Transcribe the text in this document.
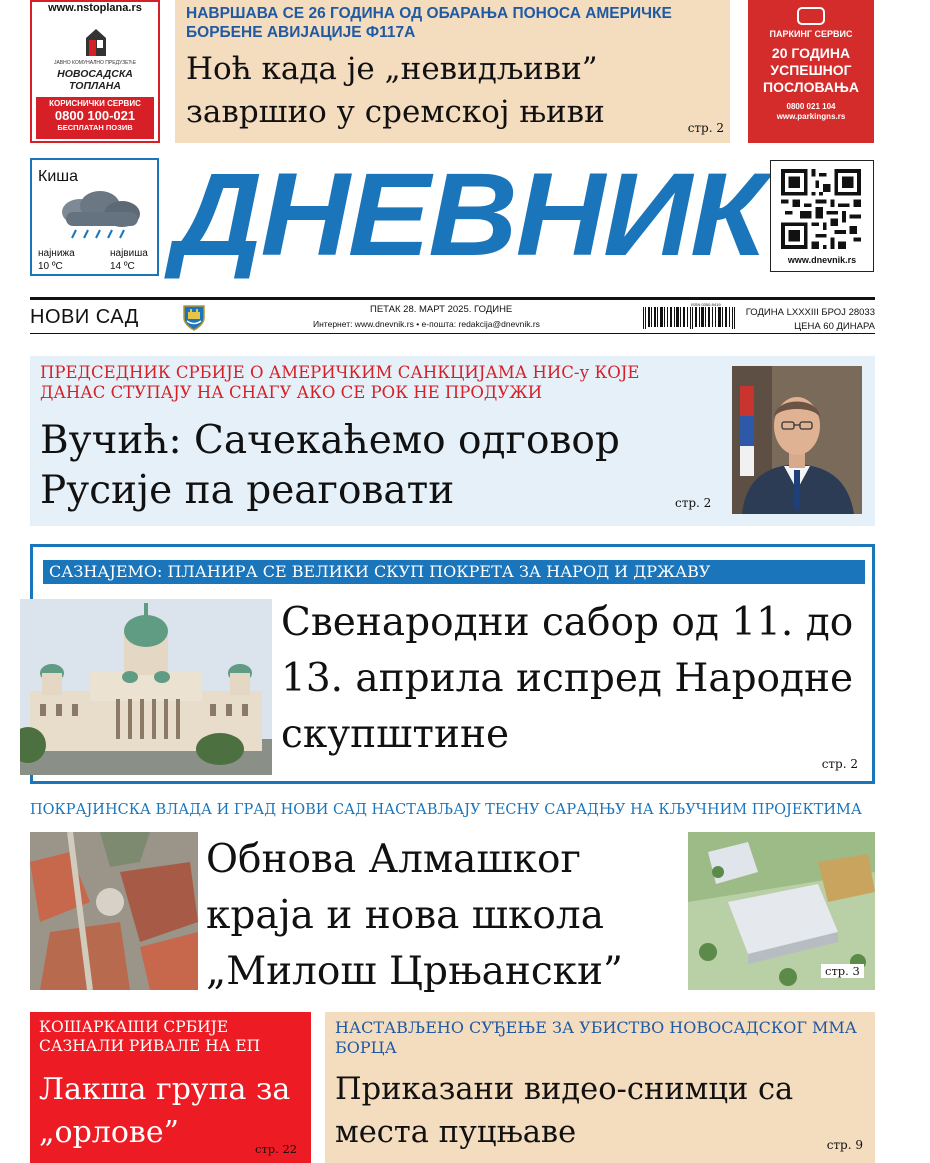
www.nstoplana.rs
ЈАВНО КОМУНАЛНО ПРЕДУЗЕЋЕ
НОВОСАДСКА ТОПЛАНА
КОРИСНИЧКИ СЕРВИС
0800 100-021
БЕСПЛАТАН ПОЗИВ
НАВРШАВА СЕ 26 ГОДИНА ОД ОБАРАЊА ПОНОСА АМЕРИЧКЕ БОРБЕНЕ АВИЈАЦИЈЕ Ф117А
Ноћ када је „невидљиви” завршио у сремској њиви	стр. 2
ПАРКИНГ СЕРВИС
20 ГОДИНА УСПЕШНОГ ПОСЛОВАЊА
0800 021 104
www.parkingns.rs
Киша
најнижа
10 ºC
највиша
14 ºC ДНЕВНИК	www.dnevnik.rs
НОВИ САД	ПЕТАК 28. МАРТ 2025. ГОДИНЕ
Интернет: www.dnevnik.rs • е-пошта: redakcija@dnevnik.rs
ISSN 0350-9419
ГОДИНА LXXXIII БРОЈ 28033
ЦЕНА 60 ДИНАРА
ПРЕДСЕДНИК СРБИЈЕ О АМЕРИЧКИМ САНКЦИЈАМА НИС-у КОЈЕ ДАНАС СТУПАЈУ НА СНАГУ АКО СЕ РОК НЕ ПРОДУЖИ
Вучић: Сачекаћемо одговор Русије па реаговати	стр. 2
САЗНАЈЕМО: ПЛАНИРА СЕ ВЕЛИКИ СКУП ПОКРЕТА ЗА НАРОД И ДРЖАВУ
Свенародни сабор од 11. до 13. априла испред Народне скупштине
стр. 2
ПОКРАЈИНСКА ВЛАДА И ГРАД НОВИ САД НАСТАВЉАЈУ ТЕСНУ САРАДЊУ НА КЉУЧНИМ ПРОЈЕКТИМА
Обнова Алмашког краја и нова школа „Милош Црњански”	стр. 3
КОШАРКАШИ СРБИЈЕ САЗНАЛИ РИВАЛЕ НА ЕП
Лакша група за „орлове”	стр. 22
НАСТАВЉЕНО СУЂЕЊЕ ЗА УБИСТВО НОВОСАДСКОГ ММА БОРЦА
Приказани видео-снимци са места пуцњаве	стр. 9
